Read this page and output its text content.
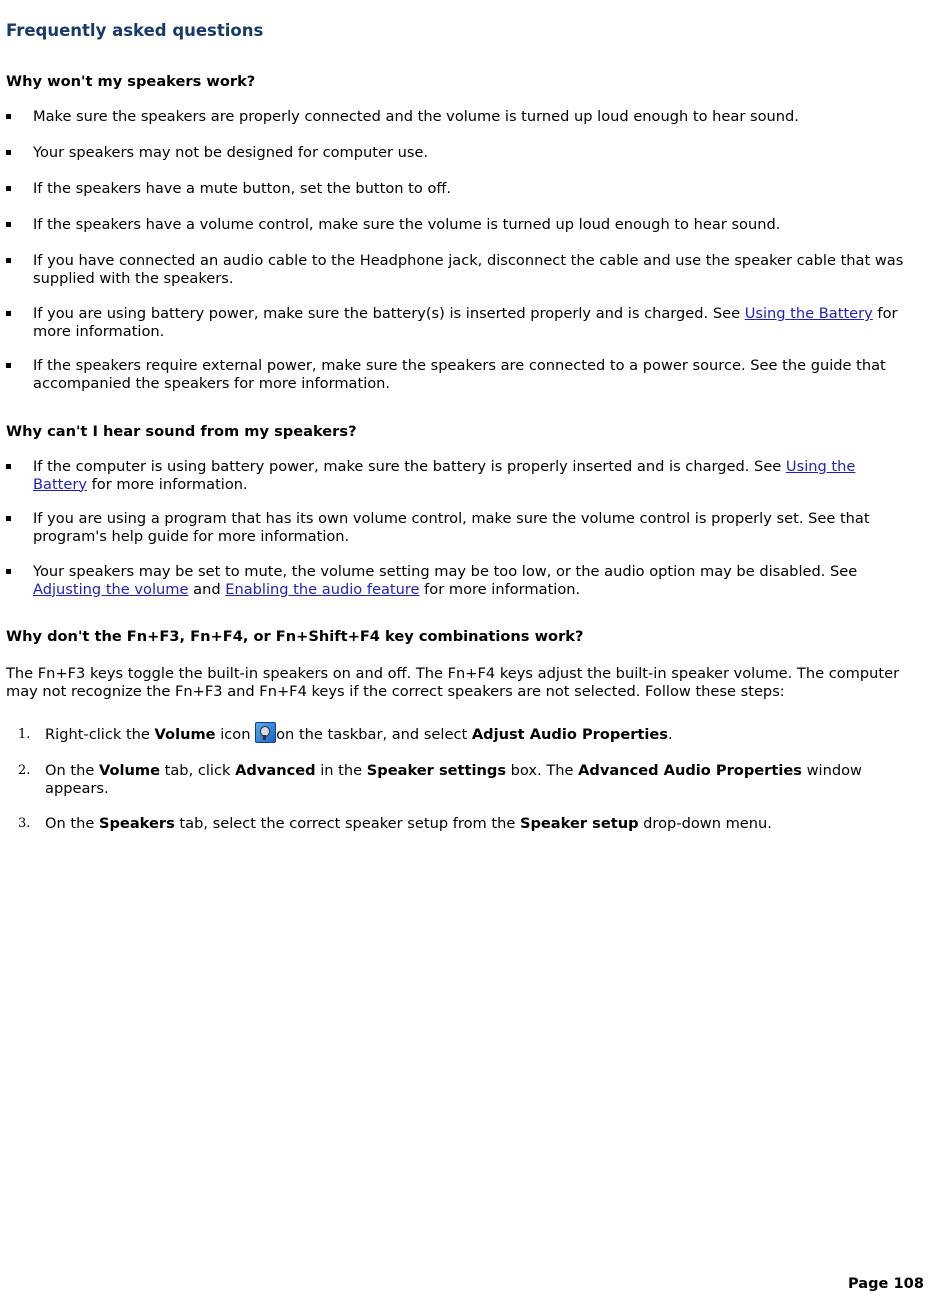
Frequently asked questions
Why won't my speakers work?
Make sure the speakers are properly connected and the volume is turned up loud enough to hear sound.
Your speakers may not be designed for computer use.
If the speakers have a mute button, set the button to off.
If the speakers have a volume control, make sure the volume is turned up loud enough to hear sound.
If you have connected an audio cable to the Headphone jack, disconnect the cable and use the speaker cable that was supplied with the speakers.
If you are using battery power, make sure the battery(s) is inserted properly and is charged. See Using the Battery for more information.
If the speakers require external power, make sure the speakers are connected to a power source. See the guide that accompanied the speakers for more information.
Why can't I hear sound from my speakers?
If the computer is using battery power, make sure the battery is properly inserted and is charged. See Using the Battery for more information.
If you are using a program that has its own volume control, make sure the volume control is properly set. See that program's help guide for more information.
Your speakers may be set to mute, the volume setting may be too low, or the audio option may be disabled. See Adjusting the volume and Enabling the audio feature for more information.
Why don't the Fn+F3, Fn+F4, or Fn+Shift+F4 key combinations work?

The Fn+F3 keys toggle the built-in speakers on and off. The Fn+F4 keys adjust the built-in speaker volume. The computer may not recognize the Fn+F3 and Fn+F4 keys if the correct speakers are not selected. Follow these steps:

1. Right-click the Volume icon on the taskbar, and select Adjust Audio Properties.
2. On the Volume tab, click Advanced in the Speaker settings box. The Advanced Audio Properties window appears.
3. On the Speakers tab, select the correct speaker setup from the Speaker setup drop-down menu.
Page 108
